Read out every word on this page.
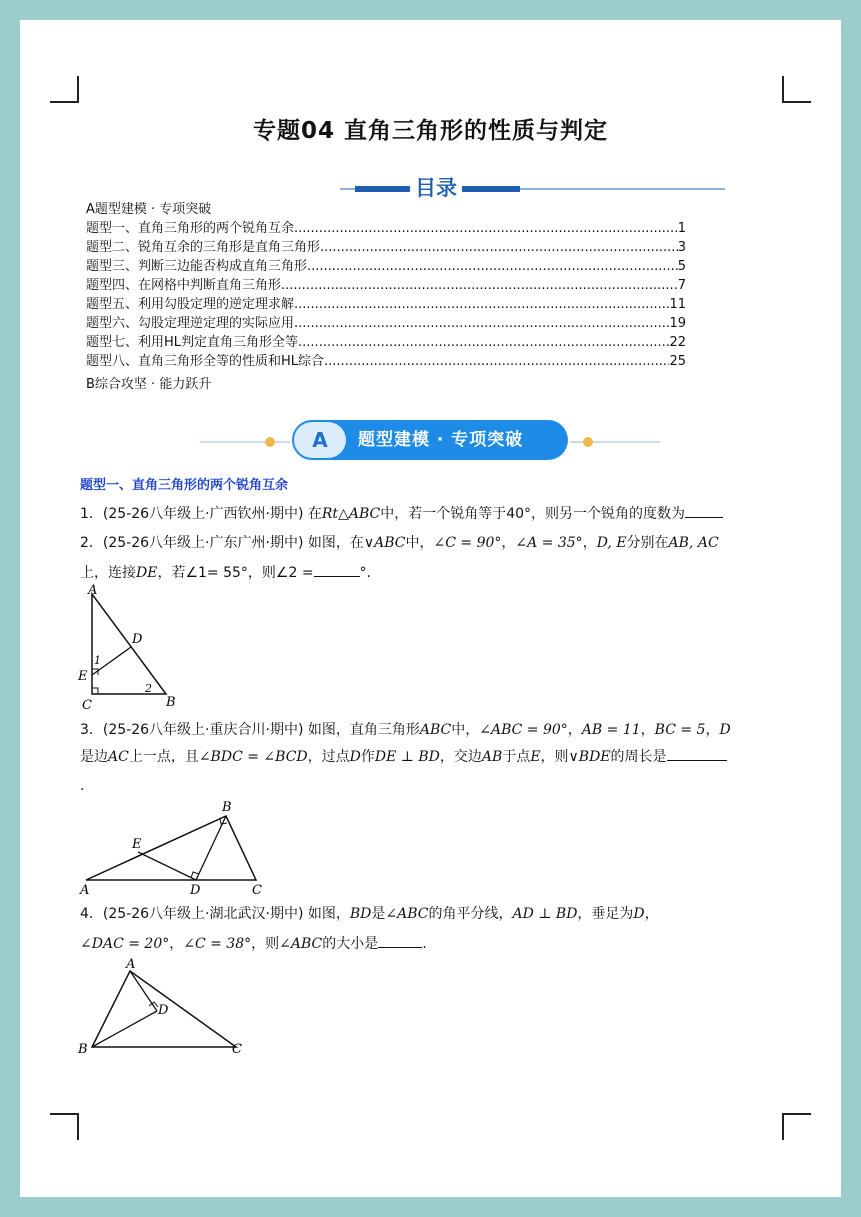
专题04 直角三角形的性质与判定
目录
A题型建模 · 专项突破
题型一、直角三角形的两个锐角互余 .....	1
题型二、锐角互余的三角形是直角三角形 .....	3
题型三、判断三边能否构成直角三角形 .....	5
题型四、在网格中判断直角三角形 .....	7
题型五、利用勾股定理的逆定理求解 .....	11
题型六、勾股定理逆定理的实际应用 .....	19
题型七、利用HL判定直角三角形全等 .....	22
题型八、直角三角形全等的性质和HL综合 .....	25
B综合攻坚 · 能力跃升
A	题型建模 · 专项突破
题型一、直角三角形的两个锐角互余
1．(25-26八年级上·广西钦州·期中) 在Rt△ABC中，若一个锐角等于40°，则另一个锐角的度数为
2．(25-26八年级上·广东广州·期中) 如图，在∨ABC中，∠C = 90°，∠A = 35°，D, E分别在AB, AC
上，连接DE，若∠1= 55°，则∠2 =	°.
A
C	B
D
E
1
2
3．(25-26八年级上·重庆合川·期中) 如图，直角三角形ABC中，∠ABC = 90°，AB = 11，BC = 5，D
是边AC上一点，且∠BDC = ∠BCD，过点D作DE ⊥ BD，交边AB于点E，则∨BDE的周长是
.
A
B
C
D
E
4．(25-26八年级上·湖北武汉·期中) 如图，BD是∠ABC的角平分线，AD ⊥ BD，垂足为D，
∠DAC = 20°，∠C = 38°，则∠ABC的大小是	.
A
B	C
D
